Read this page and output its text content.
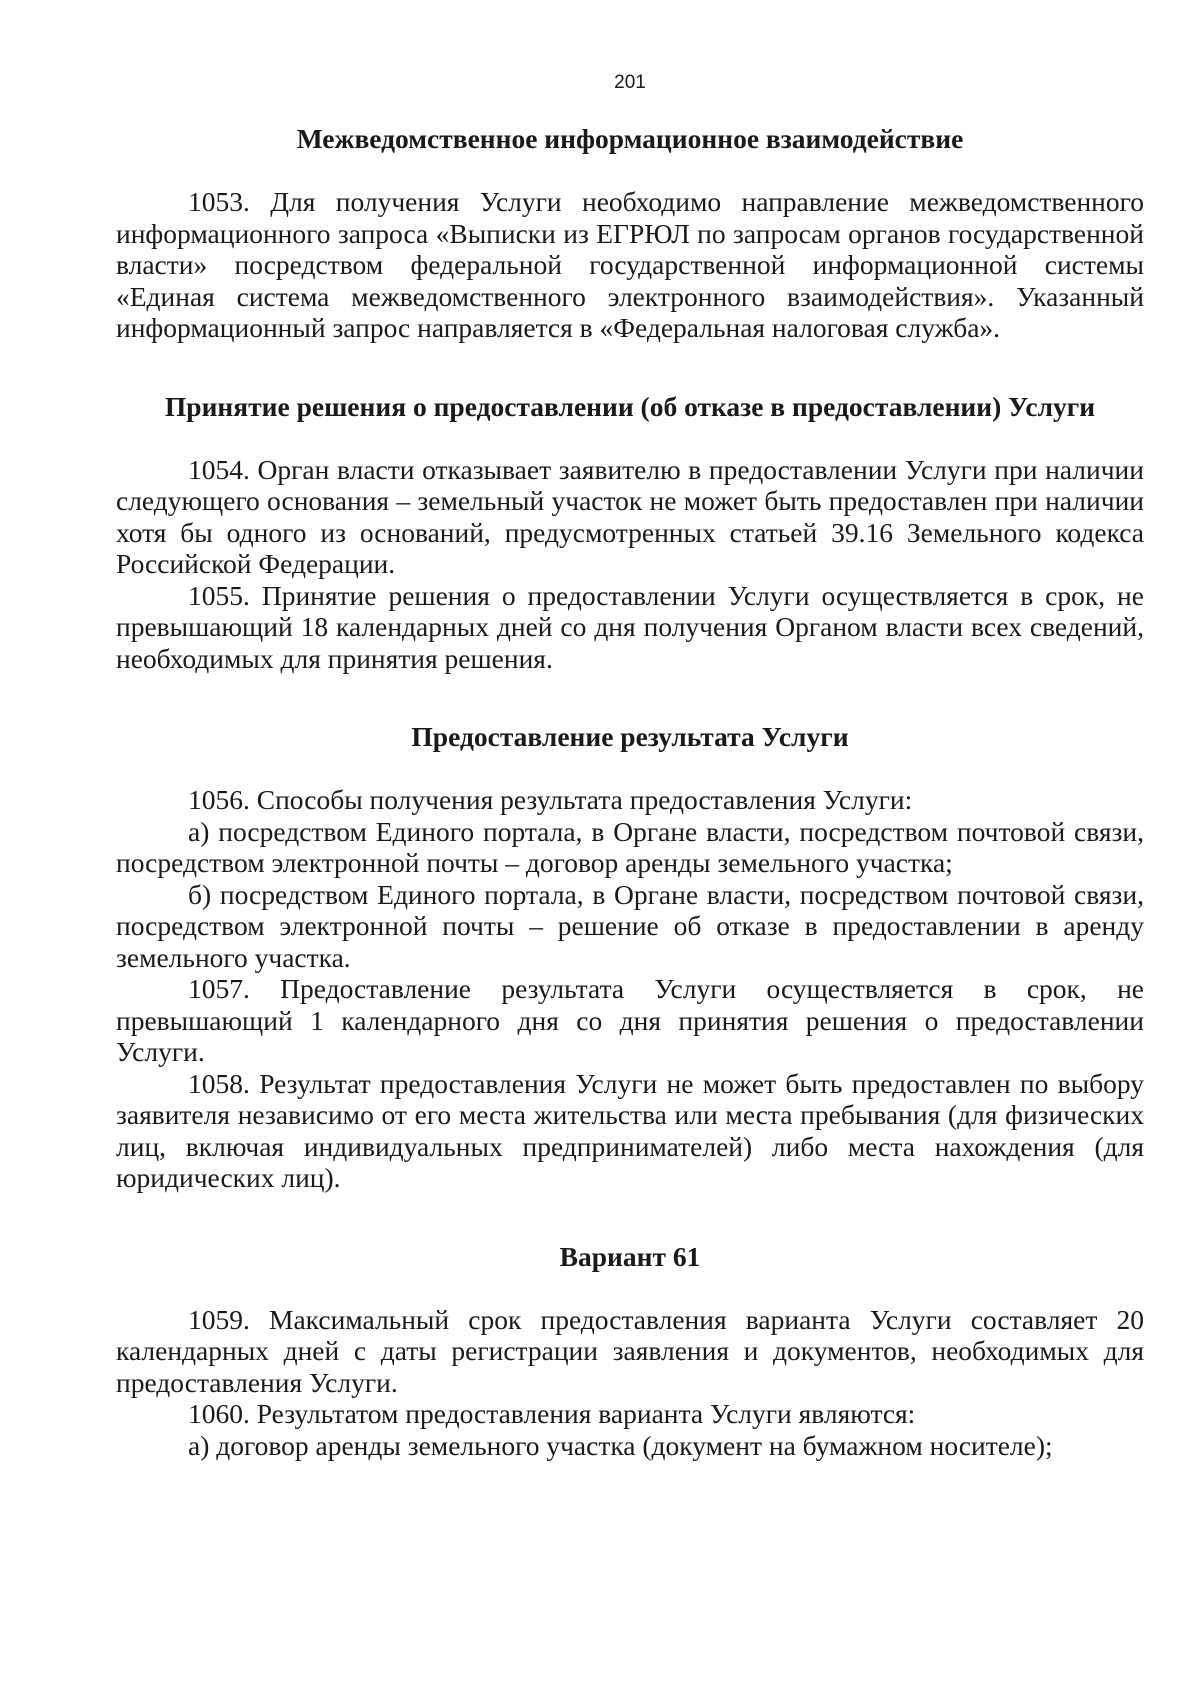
201
Межведомственное информационное взаимодействие

1053. Для получения Услуги необходимо направление межведомственного информационного запроса «Выписки из ЕГРЮЛ по запросам органов государственной власти» посредством федеральной государственной информационной системы «Единая система межведомственного электронного взаимодействия». Указанный информационный запрос направляется в «Федеральная налоговая служба».

Принятие решения о предоставлении (об отказе в предоставлении) Услуги

1054. Орган власти отказывает заявителю в предоставлении Услуги при наличии следующего основания – земельный участок не может быть предоставлен при наличии хотя бы одного из оснований, предусмотренных статьей 39.16 Земельного кодекса Российской Федерации.

1055. Принятие решения о предоставлении Услуги осуществляется в срок, не превышающий 18 календарных дней со дня получения Органом власти всех сведений, необходимых для принятия решения.

Предоставление результата Услуги

1056. Способы получения результата предоставления Услуги:

а) посредством Единого портала, в Органе власти, посредством почтовой связи, посредством электронной почты – договор аренды земельного участка;

б) посредством Единого портала, в Органе власти, посредством почтовой связи, посредством электронной почты – решение об отказе в предоставлении в аренду земельного участка.

1057. Предоставление результата Услуги осуществляется в срок, не превышающий 1 календарного дня со дня принятия решения о предоставлении Услуги.

1058. Результат предоставления Услуги не может быть предоставлен по выбору заявителя независимо от его места жительства или места пребывания (для физических лиц, включая индивидуальных предпринимателей) либо места нахождения (для юридических лиц).

Вариант 61

1059. Максимальный срок предоставления варианта Услуги составляет 20 календарных дней с даты регистрации заявления и документов, необходимых для предоставления Услуги.

1060. Результатом предоставления варианта Услуги являются:

а) договор аренды земельного участка (документ на бумажном носителе);
